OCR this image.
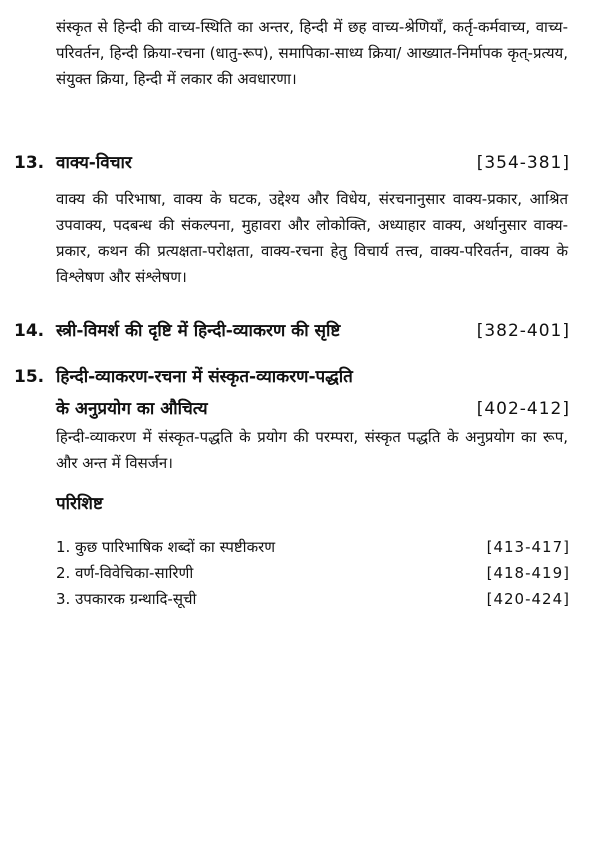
संस्कृत से हिन्दी की वाच्य-स्थिति का अन्तर, हिन्दी में छह वाच्य-श्रेणियाँ, कर्तृ-कर्मवाच्य, वाच्य-परिवर्तन, हिन्दी क्रिया-रचना (धातु-रूप), समापिका-साध्य क्रिया/ आख्यात-निर्मापक कृत्-प्रत्यय, संयुक्त क्रिया, हिन्दी में लकार की अवधारणा।

13. वाक्य-विचार	[354-381]

वाक्य की परिभाषा, वाक्य के घटक, उद्देश्य और विधेय, संरचनानुसार वाक्य-प्रकार, आश्रित उपवाक्य, पदबन्ध की संकल्पना, मुहावरा और लोकोक्ति, अध्याहार वाक्य, अर्थानुसार वाक्य-प्रकार, कथन की प्रत्यक्षता-परोक्षता, वाक्य-रचना हेतु विचार्य तत्त्व, वाक्य-परिवर्तन, वाक्य के विश्लेषण और संश्लेषण।

14. स्त्री-विमर्श की दृष्टि में हिन्दी-व्याकरण की सृष्टि	[382-401]
15. हिन्दी-व्याकरण-रचना में संस्कृत-व्याकरण-पद्धति
के अनुप्रयोग का औचित्य	[402-412]

हिन्दी-व्याकरण में संस्कृत-पद्धति के प्रयोग की परम्परा, संस्कृत पद्धति के अनुप्रयोग का रूप, और अन्त में विसर्जन।

परिशिष्ट
1. कुछ पारिभाषिक शब्दों का स्पष्टीकरण	[413-417]
2. वर्ण-विवेचिका-सारिणी	[418-419]
3. उपकारक ग्रन्थादि-सूची	[420-424]
